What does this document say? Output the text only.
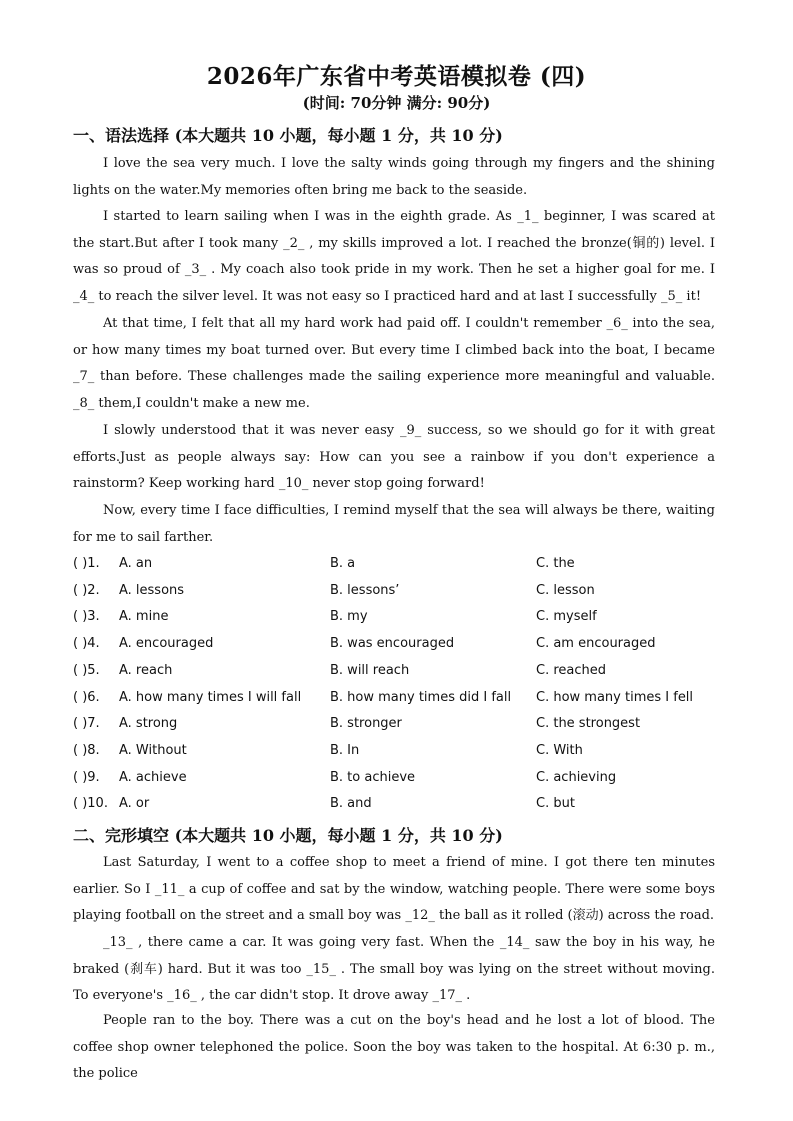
2026年广东省中考英语模拟卷 (四)
(时间: 70分钟 满分: 90分)
一、语法选择 (本大题共 10 小题，每小题 1 分，共 10 分)
I love the sea very much. I love the salty winds going through my fingers and the shining lights on the water.My memories often bring me back to the seaside.
I started to learn sailing when I was in the eighth grade. As _1_ beginner, I was scared at the start.But after I took many _2_ , my skills improved a lot. I reached the bronze(铜的) level. I was so proud of _3_ . My coach also took pride in my work. Then he set a higher goal for me. I _4_ to reach the silver level. It was not easy so I practiced hard and at last I successfully _5_ it!
At that time, I felt that all my hard work had paid off. I couldn't remember _6_ into the sea, or how many times my boat turned over. But every time I climbed back into the boat, I became _7_ than before. These challenges made the sailing experience more meaningful and valuable. _8_ them,I couldn't make a new me.
I slowly understood that it was never easy _9_ success, so we should go for it with great efforts.Just as people always say: How can you see a rainbow if you don't experience a rainstorm? Keep working hard _10_ never stop going forward!
Now, every time I face difficulties, I remind myself that the sea will always be there, waiting for me to sail farther.
( )1. A. an	B. a	C. the
( )2. A. lessons	B. lessons’	C. lesson
( )3. A. mine	B. my	C. myself
( )4. A. encouraged	B. was encouraged	C. am encouraged
( )5. A. reach	B. will reach	C. reached
( )6. A. how many times I will fall B. how many times did I fall C. how many times I fell
( )7. A. strong	B. stronger	C. the strongest
( )8. A. Without	B. In	C. With
( )9. A. achieve	B. to achieve	C. achieving
( )10. A. or	B. and	C. but
二、完形填空 (本大题共 10 小题，每小题 1 分，共 10 分)
Last Saturday, I went to a coffee shop to meet a friend of mine. I got there ten minutes earlier. So I _11_ a cup of coffee and sat by the window, watching people. There were some boys playing football on the street and a small boy was _12_ the ball as it rolled (滚动) across the road.
_13_ , there came a car. It was going very fast. When the _14_ saw the boy in his way, he braked (刹车) hard. But it was too _15_ . The small boy was lying on the street without moving. To everyone's _16_ , the car didn't stop. It drove away _17_ .
People ran to the boy. There was a cut on the boy's head and he lost a lot of blood. The coffee shop owner telephoned the police. Soon the boy was taken to the hospital. At 6:30 p. m., the police
